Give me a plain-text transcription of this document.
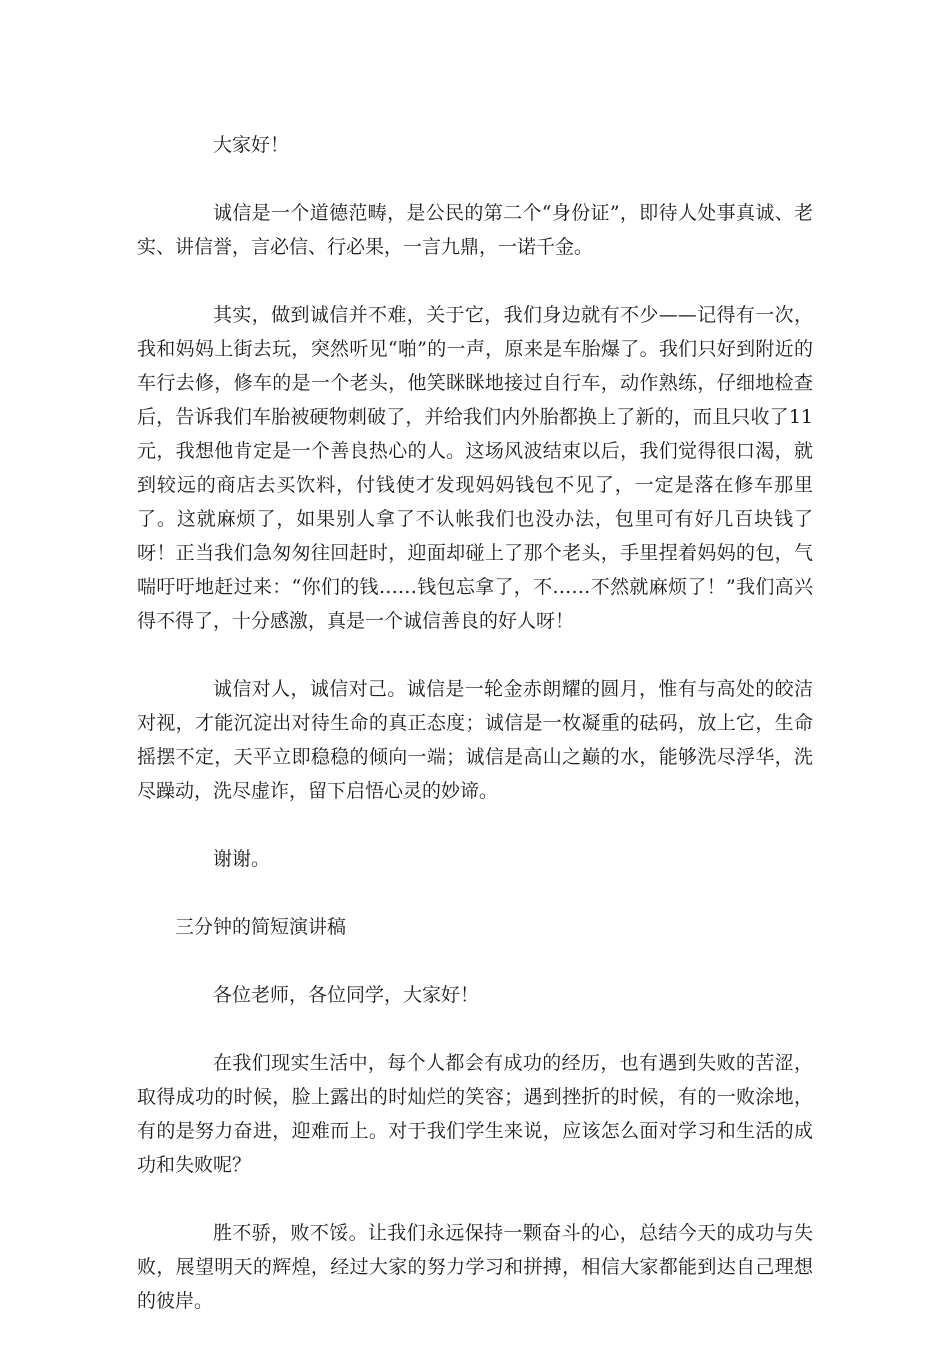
大家好！

诚信是一个道德范畴，是公民的第二个“身份证”，即待人处事真诚、老实、讲信誉，言必信、行必果，一言九鼎，一诺千金。

其实，做到诚信并不难，关于它，我们身边就有不少——记得有一次，我和妈妈上街去玩，突然听见“啪”的一声，原来是车胎爆了。我们只好到附近的车行去修，修车的是一个老头，他笑眯眯地接过自行车，动作熟练，仔细地检查后，告诉我们车胎被硬物刺破了，并给我们内外胎都换上了新的，而且只收了11元，我想他肯定是一个善良热心的人。这场风波结束以后，我们觉得很口渴，就到较远的商店去买饮料，付钱使才发现妈妈钱包不见了，一定是落在修车那里了。这就麻烦了，如果别人拿了不认帐我们也没办法，包里可有好几百块钱了呀！正当我们急匆匆往回赶时，迎面却碰上了那个老头，手里捏着妈妈的包，气喘吁吁地赶过来：“你们的钱……钱包忘拿了，不……不然就麻烦了！”我们高兴得不得了，十分感激，真是一个诚信善良的好人呀！

诚信对人，诚信对己。诚信是一轮金赤朗耀的圆月，惟有与高处的皎洁对视，才能沉淀出对待生命的真正态度；诚信是一枚凝重的砝码，放上它，生命摇摆不定，天平立即稳稳的倾向一端；诚信是高山之巅的水，能够洗尽浮华，洗尽躁动，洗尽虚诈，留下启悟心灵的妙谛。

谢谢。

三分钟的简短演讲稿

各位老师，各位同学，大家好！

在我们现实生活中，每个人都会有成功的经历，也有遇到失败的苦涩，取得成功的时候，脸上露出的时灿烂的笑容；遇到挫折的时候，有的一败涂地，有的是努力奋进，迎难而上。对于我们学生来说，应该怎么面对学习和生活的成功和失败呢？

胜不骄，败不馁。让我们永远保持一颗奋斗的心，总结今天的成功与失败，展望明天的辉煌，经过大家的努力学习和拼搏，相信大家都能到达自己理想的彼岸。
